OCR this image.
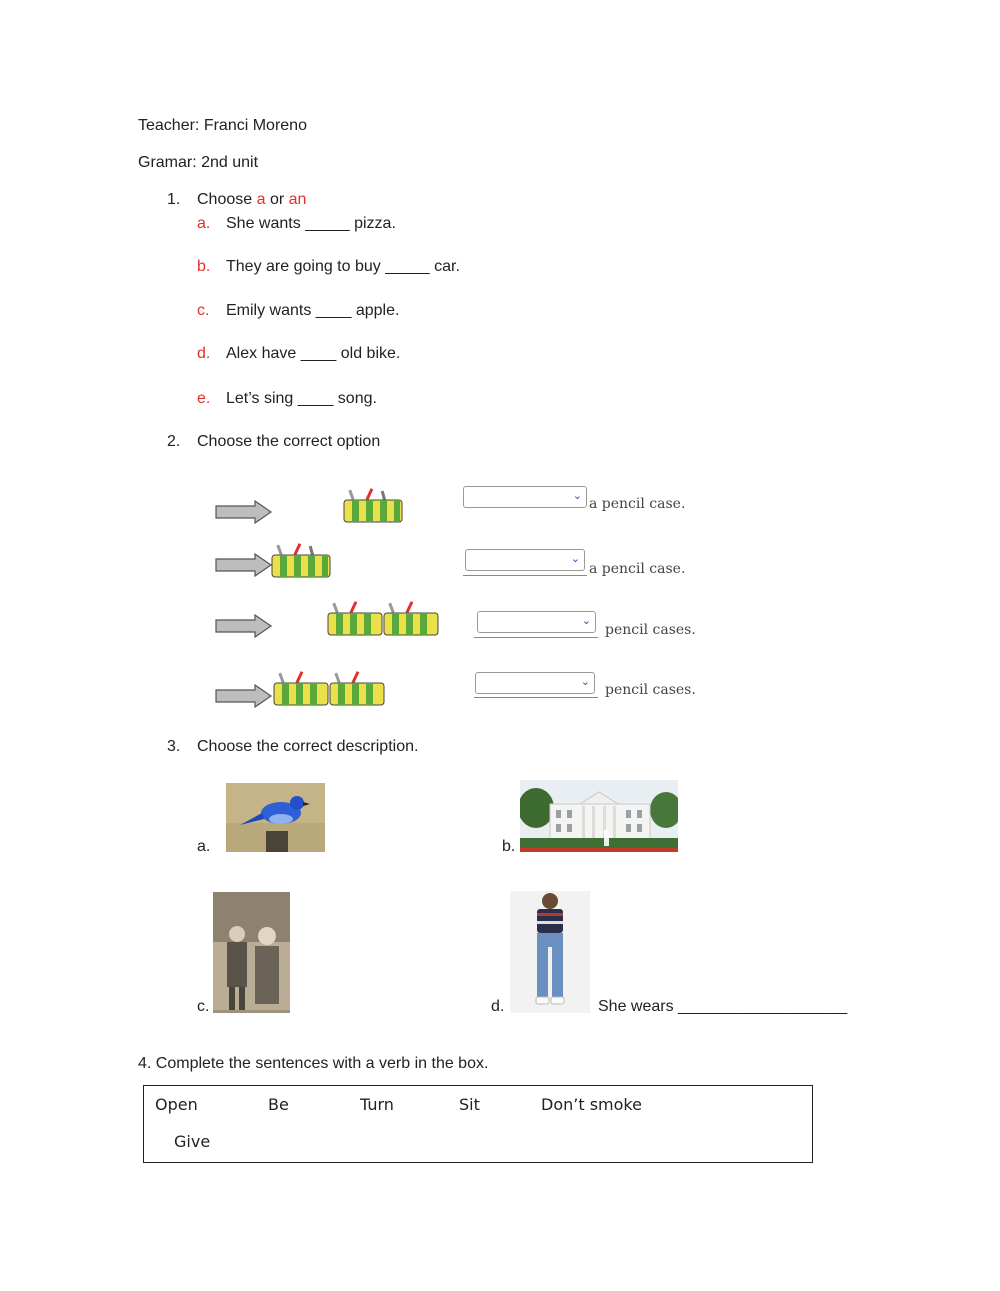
Teacher: Franci Moreno
Gramar: 2nd unit
1. Choose a or an
a. She wants _____ pizza.
b. They are going to buy _____ car.
c. Emily wants ____ apple.
d. Alex have ____ old bike.
e. Let’s sing ____ song.
2. Choose the correct option
⌄ a pencil case.
⌄
a pencil case.
⌄
pencil cases.
⌄ pencil cases.
3. Choose the correct description.
a.	b.
c.	d.	She wears ___________________
4. Complete the sentences with a verb in the box.
Open	Be	Turn	Sit	Don’t smoke
Give
